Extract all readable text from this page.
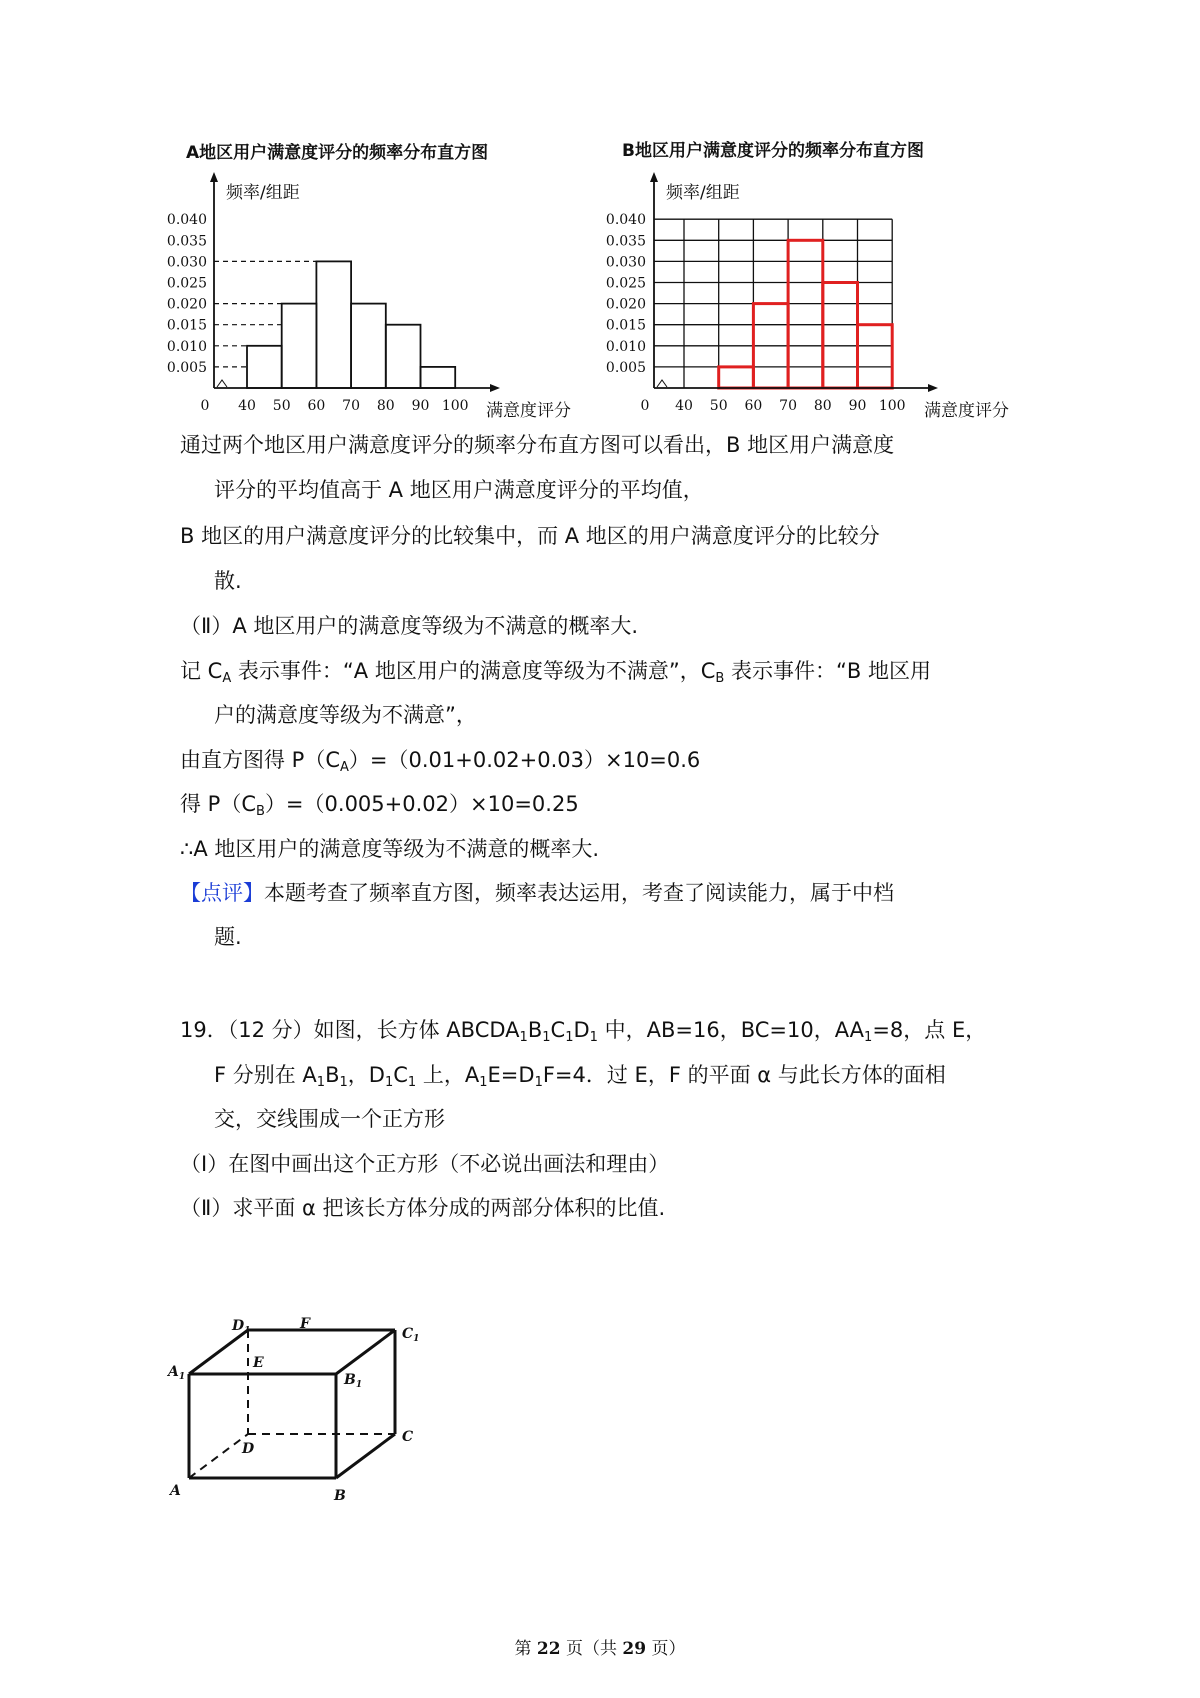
A地区用户满意度评分的频率分布直方图
频率/组距
0.005
0.010
0.015
0.020
0.025
0.030
0.035
0.040
0 40 50 60 70 80 90 100 满意度评分
B地区用户满意度评分的频率分布直方图
频率/组距
0.005
0.010
0.015
0.020
0.025
0.030
0.035
0.040
0 40 50 60 70 80 90 100 满意度评分
通过两个地区用户满意度评分的频率分布直方图可以看出，B 地区用户满意度
评分的平均值高于 A 地区用户满意度评分的平均值，
B 地区的用户满意度评分的比较集中，而 A 地区的用户满意度评分的比较分
散.
（Ⅱ）A 地区用户的满意度等级为不满意的概率大.
记 $C_A$ 表示事件：“A 地区用户的满意度等级为不满意”，$C_B$ 表示事件：“B 地区用
户的满意度等级为不满意”，
由直方图得 $P(C_A)=(0.01+0.02+0.03)\times 10=0.6$
得 $P(C_B)=(0.005+0.02)\times 10=0.25$
∴A 地区用户的满意度等级为不满意的概率大.
【点评】本题考查了频率直方图，频率表达运用，考查了阅读能力，属于中档
题.
19．（12 分）如图，长方体 $ABCDA_1B_1C_1D_1$ 中，AB=16，BC=10，$AA_1=8$，点 E，
F 分别在 $A_1B_1$，$D_1C_1$ 上，$A_1E=D_1F=4$．过 E，F 的平面 α 与此长方体的面相
交，交线围成一个正方形
（Ⅰ）在图中画出这个正方形（不必说出画法和理由）
（Ⅱ）求平面 α 把该长方体分成的两部分体积的比值.
$D_1$	F
$C_1$
$A_1$
E
$B_1$
D
C
A	B
第 22 页（共 29 页）
